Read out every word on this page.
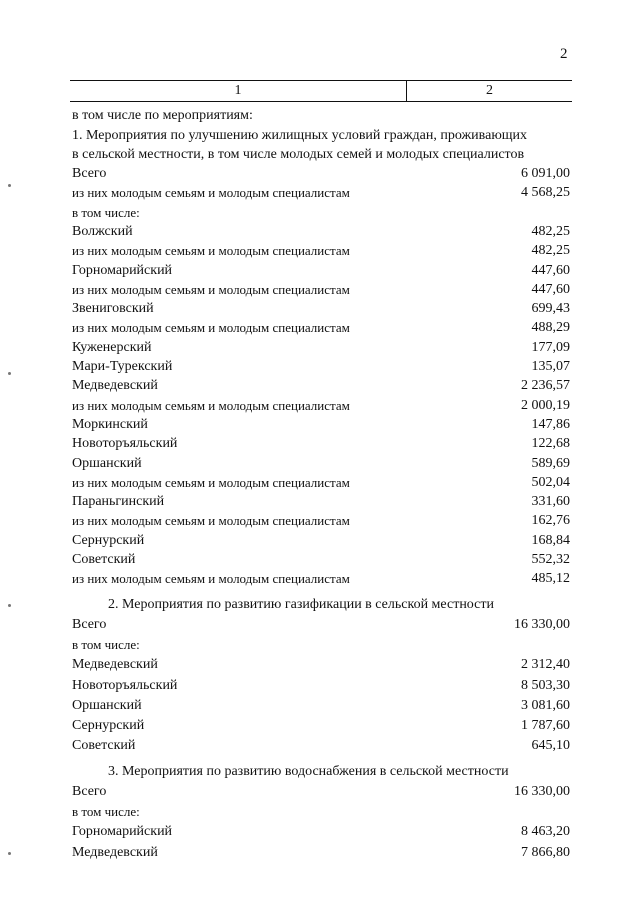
2
1	2
в том числе по мероприятиям:
1. Мероприятия по улучшению жилищных условий граждан, проживающих
в сельской местности, в том числе молодых семей и молодых специалистов
Всего	6 091,00
из них молодым семьям и молодым специалистам	4 568,25
в том числе:
Волжский	482,25
из них молодым семьям и молодым специалистам	482,25
Горномарийский	447,60
из них молодым семьям и молодым специалистам	447,60
Звениговский	699,43
из них молодым семьям и молодым специалистам	488,29
Куженерский	177,09
Мари-Турекский	135,07
Медведевский	2 236,57
из них молодым семьям и молодым специалистам	2 000,19
Моркинский	147,86
Новоторъяльский	122,68
Оршанский	589,69
из них молодым семьям и молодым специалистам	502,04
Параньгинский	331,60
из них молодым семьям и молодым специалистам	162,76
Сернурский	168,84
Советский	552,32
из них молодым семьям и молодым специалистам	485,12
2. Мероприятия по развитию газификации в сельской местности
Всего	16 330,00
в том числе:
Медведевский	2 312,40
Новоторъяльский	8 503,30
Оршанский	3 081,60
Сернурский	1 787,60
Советский	645,10
3. Мероприятия по развитию водоснабжения в сельской местности
Всего	16 330,00
в том числе:
Горномарийский	8 463,20
Медведевский	7 866,80
